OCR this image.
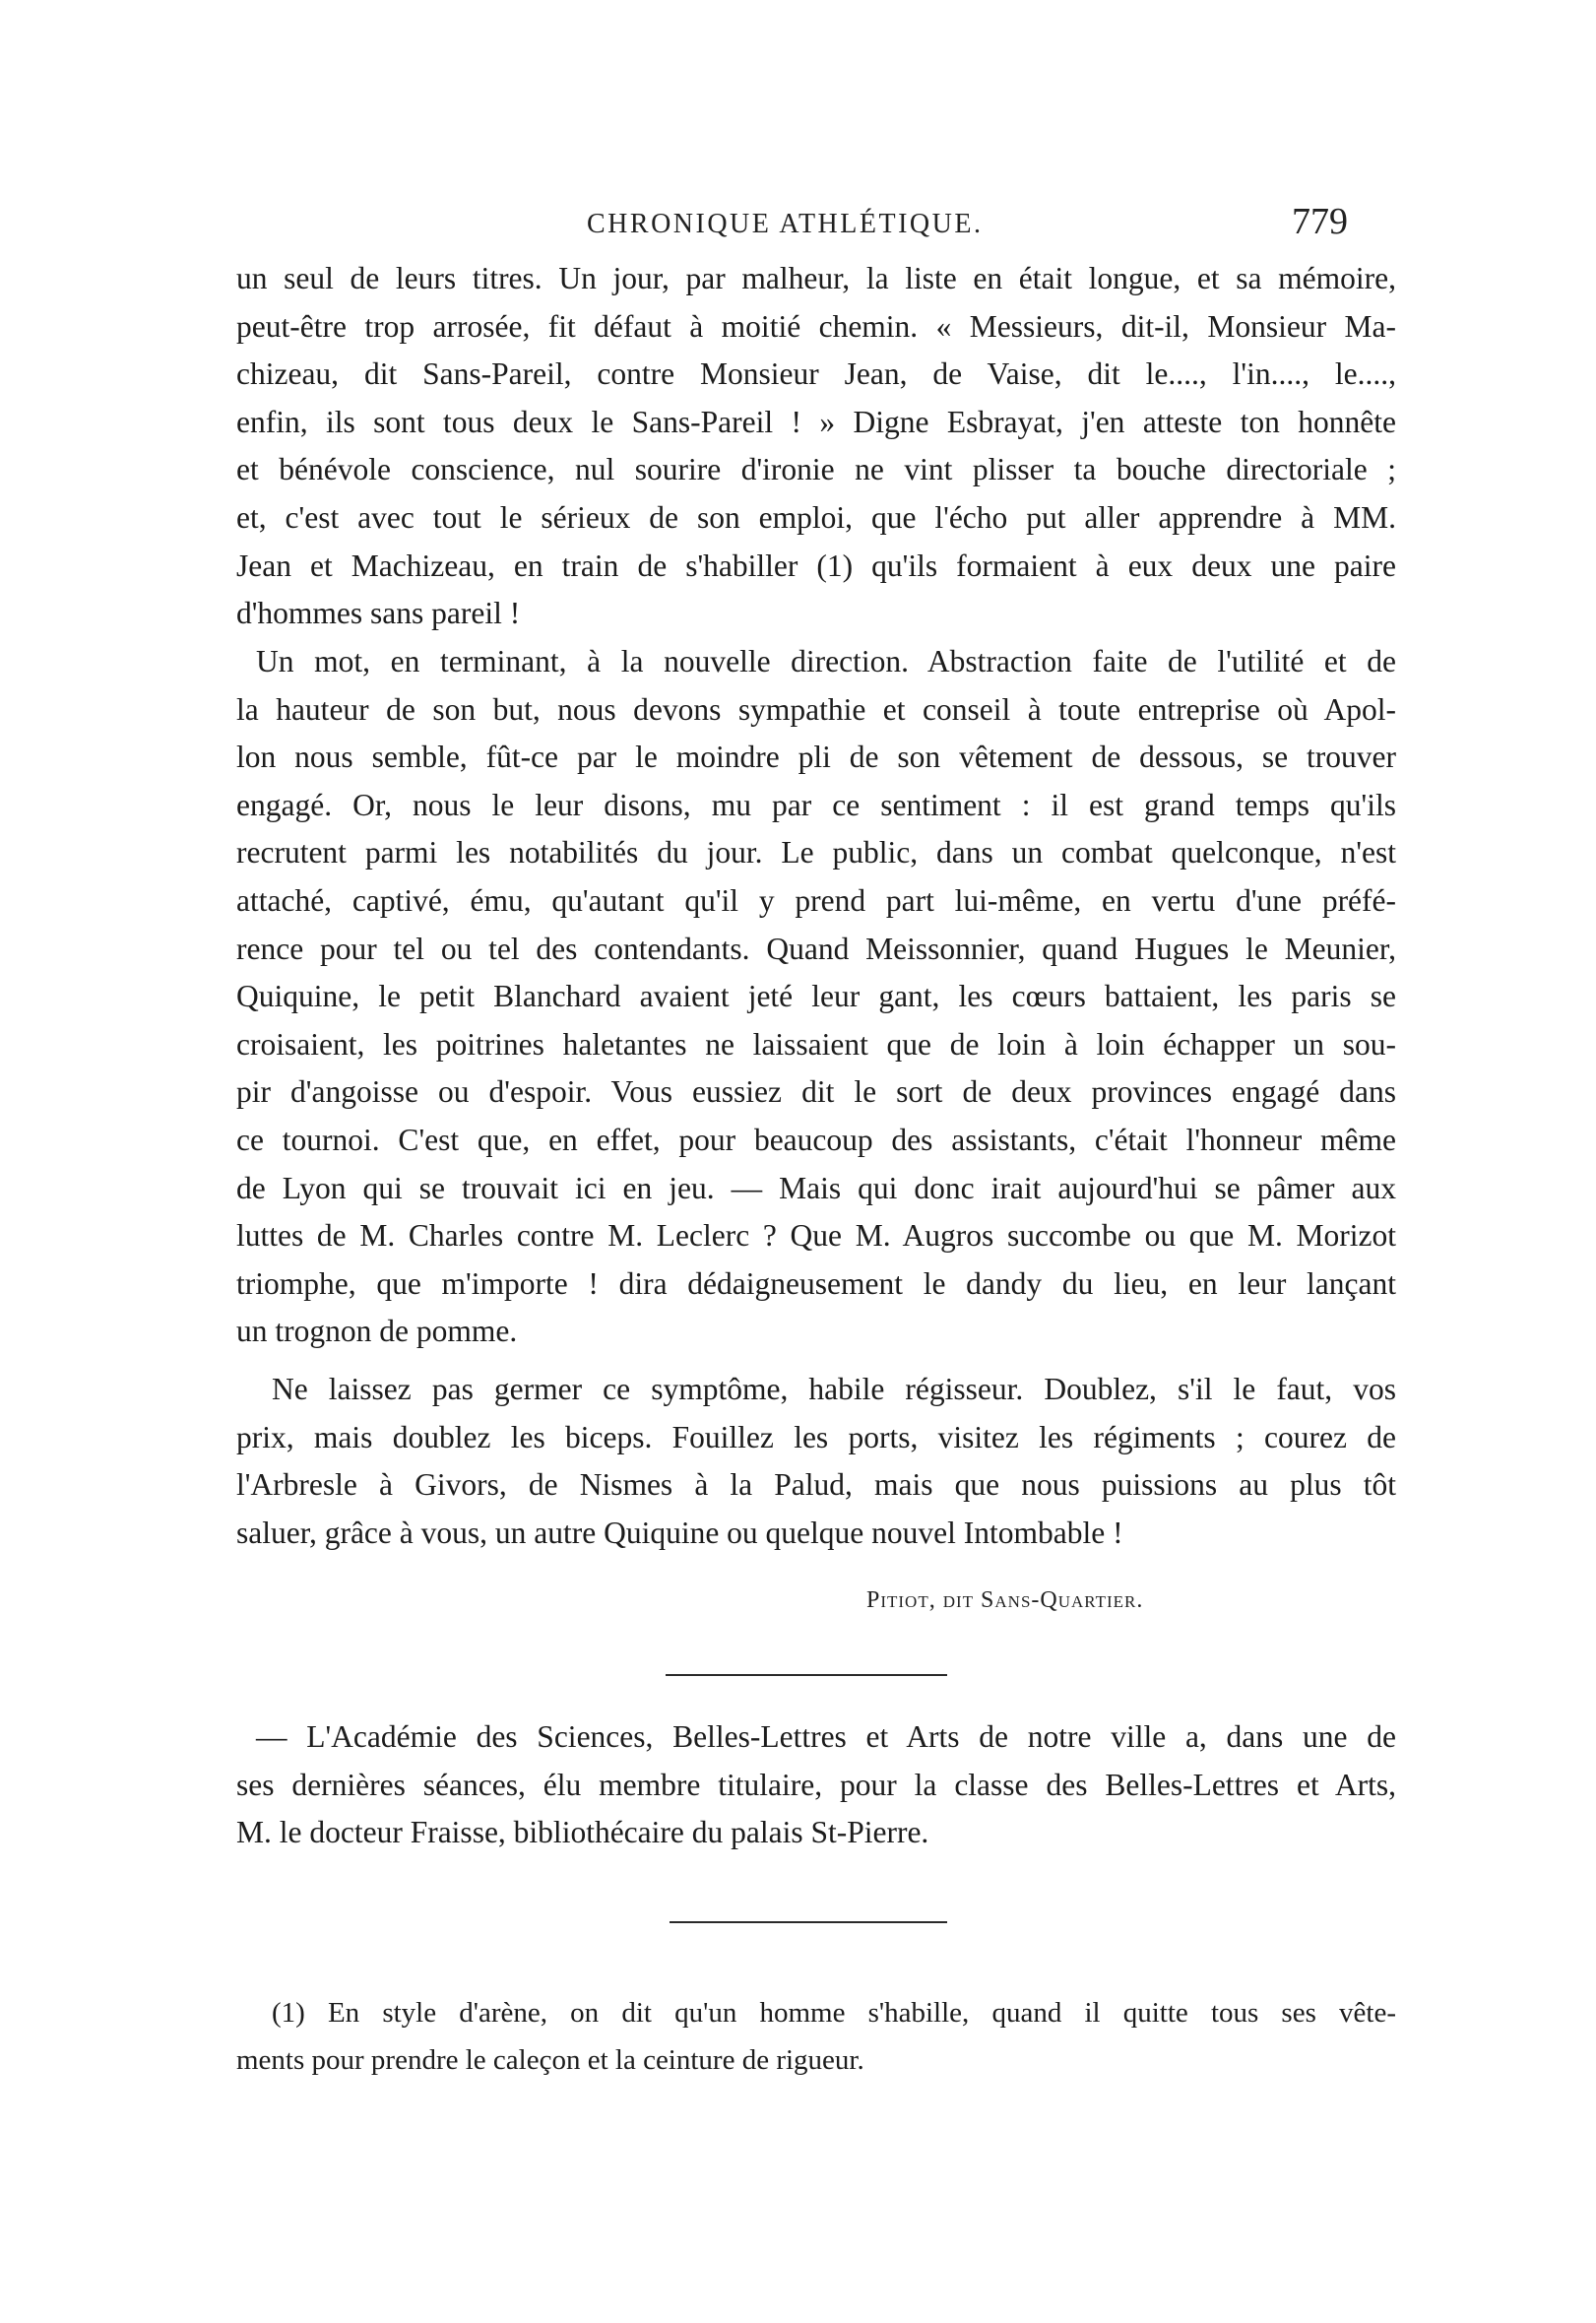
CHRONIQUE ATHLÉTIQUE.	779
un seul de leurs titres. Un jour, par malheur, la liste en était longue, et sa mémoire,
peut-être trop arrosée, fit défaut à moitié chemin. « Messieurs, dit-il, Monsieur Ma-
chizeau, dit Sans-Pareil, contre Monsieur Jean, de Vaise, dit le...., l'in...., le....,
enfin, ils sont tous deux le Sans-Pareil ! » Digne Esbrayat, j'en atteste ton honnête
et bénévole conscience, nul sourire d'ironie ne vint plisser ta bouche directoriale ;
et, c'est avec tout le sérieux de son emploi, que l'écho put aller apprendre à MM.
Jean et Machizeau, en train de s'habiller (1) qu'ils formaient à eux deux une paire
d'hommes sans pareil !
Un mot, en terminant, à la nouvelle direction. Abstraction faite de l'utilité et de
la hauteur de son but, nous devons sympathie et conseil à toute entreprise où Apol-
lon nous semble, fût-ce par le moindre pli de son vêtement de dessous, se trouver
engagé. Or, nous le leur disons, mu par ce sentiment : il est grand temps qu'ils
recrutent parmi les notabilités du jour. Le public, dans un combat quelconque, n'est
attaché, captivé, ému, qu'autant qu'il y prend part lui-même, en vertu d'une préfé-
rence pour tel ou tel des contendants. Quand Meissonnier, quand Hugues le Meunier,
Quiquine, le petit Blanchard avaient jeté leur gant, les cœurs battaient, les paris se
croisaient, les poitrines haletantes ne laissaient que de loin à loin échapper un sou-
pir d'angoisse ou d'espoir. Vous eussiez dit le sort de deux provinces engagé dans
ce tournoi. C'est que, en effet, pour beaucoup des assistants, c'était l'honneur même
de Lyon qui se trouvait ici en jeu. — Mais qui donc irait aujourd'hui se pâmer aux
luttes de M. Charles contre M. Leclerc ? Que M. Augros succombe ou que M. Morizot
triomphe, que m'importe ! dira dédaigneusement le dandy du lieu, en leur lançant
un trognon de pomme.
Ne laissez pas germer ce symptôme, habile régisseur. Doublez, s'il le faut, vos
prix, mais doublez les biceps. Fouillez les ports, visitez les régiments ; courez de
l'Arbresle à Givors, de Nismes à la Palud, mais que nous puissions au plus tôt
saluer, grâce à vous, un autre Quiquine ou quelque nouvel Intombable !
Pitiot, dit Sans-Quartier.
— L'Académie des Sciences, Belles-Lettres et Arts de notre ville a, dans une de
ses dernières séances, élu membre titulaire, pour la classe des Belles-Lettres et Arts,
M. le docteur Fraisse, bibliothécaire du palais St-Pierre.
(1) En style d'arène, on dit qu'un homme s'habille, quand il quitte tous ses vête-
ments pour prendre le caleçon et la ceinture de rigueur.
